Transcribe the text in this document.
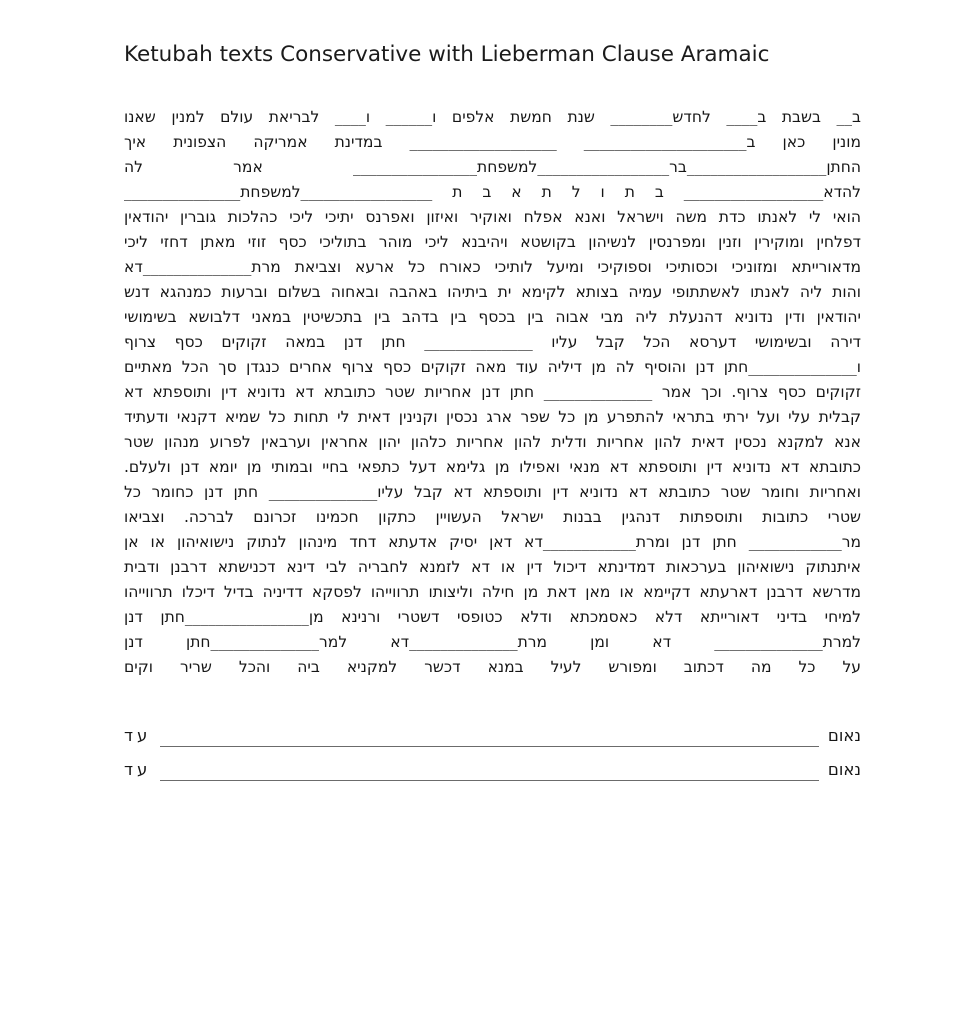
Ketubah texts Conservative with Lieberman Clause Aramaic
ב__ בשבת ב____ לחדש________ שנת חמשת אלפים ו______ ו____ לבריאת עולם למנין שאנו
מונין כאן ב_____________________ ___________________ במדינת אמריקה הצפונית איך
החתן__________________בר_________________למשפחת________________ אמר לה
להדא__________________ ב ת ו ל ת א ב ת _________________למשפחת_______________
הואי לי לאנתו כדת משה וישראל ואנא אפלח ואוקיר ואיזון ואפרנס יתיכי ליכי כהלכות גוברין יהודאין
דפלחין ומוקירין וזנין ומפרנסין לנשיהון בקושטא ויהיבנא ליכי מוהר בתוליכי כסף זוזי מאתן דחזי ליכי
מדאורייתא ומזוניכי וכסותיכי וספוקיכי ומיעל לותיכי כאורח כל ארעא וצביאת מרת______________דא
והות ליה לאנתו לאשתתופי עמיה בצותא לקימא ית ביתיהו באהבה ובאחוה בשלום וברעות כמנהגא דנש
יהודאין ודין נדוניא דהנעלת ליה מבי אבוה בין בכסף בין בדהב בין בתכשיטין במאני דלבושא בשימושי
דירה ובשימושי דערסא הכל קבל עליו ______________ חתן דנן במאה זקוקים כסף צרוף
ו______________חתן דנן והוסיף לה מן דיליה עוד מאה זקוקים כסף צרוף אחרים כנגדן סך הכל מאתיים
זקוקים כסף צרוף. וכך אמר ______________ חתן דנן אחריות שטר כתובתא דא נדוניא דין ותוספתא דא
קבלית עלי ועל ירתי בתראי להתפרע מן כל שפר ארג נכסין וקנינין דאית לי תחות כל שמיא דקנאי ודעתיד
אנא למקנא נכסין דאית להון אחריות ודלית להון אחריות כלהון יהון אחראין וערבאין לפרוע מנהון שטר
כתובתא דא נדוניא דין ותוספתא דא מנאי ואפילו מן גלימא דעל כתפאי בחיי ובמותי מן יומא דנן ולעלם.
ואחריות וחומר שטר כתובתא דא נדוניא דין ותוספתא דא קבל עליו______________ חתן דנן כחומר כל
שטרי כתובות ותוספתות דנהגין בבנות ישראל העשויין כתקון חכמינו זכרונם לברכה. וצביאו
מר____________ חתן דנן ומרת____________דא דאן יסיק אדעתא דחד מינהון לנתוק נישואיהון או אן
איתנתוק נישואיהון בערכאות דמדינתא דיכול דין או דא לזמנא לחבריה לבי דינא דכנישתא דרבנן ודבית
מדרשא דרבנן דארעתא דקיימא או מאן דאת מן חילה וליצותו תרווייהו לפסקא דדיניה בדיל דיכלו תרווייהו
למיחי בדיני דאורייתא דלא כאסמכתא ודלא כטופסי דשטרי ורנינא מן________________חתן דנן
למרת______________ דא ומן מרת______________דא למר______________חתן דנן
על כל מה דכתוב ומפורש לעיל במנא דכשר למקניא ביה והכל שריר וקים
נאום
עד
נאום
עד
